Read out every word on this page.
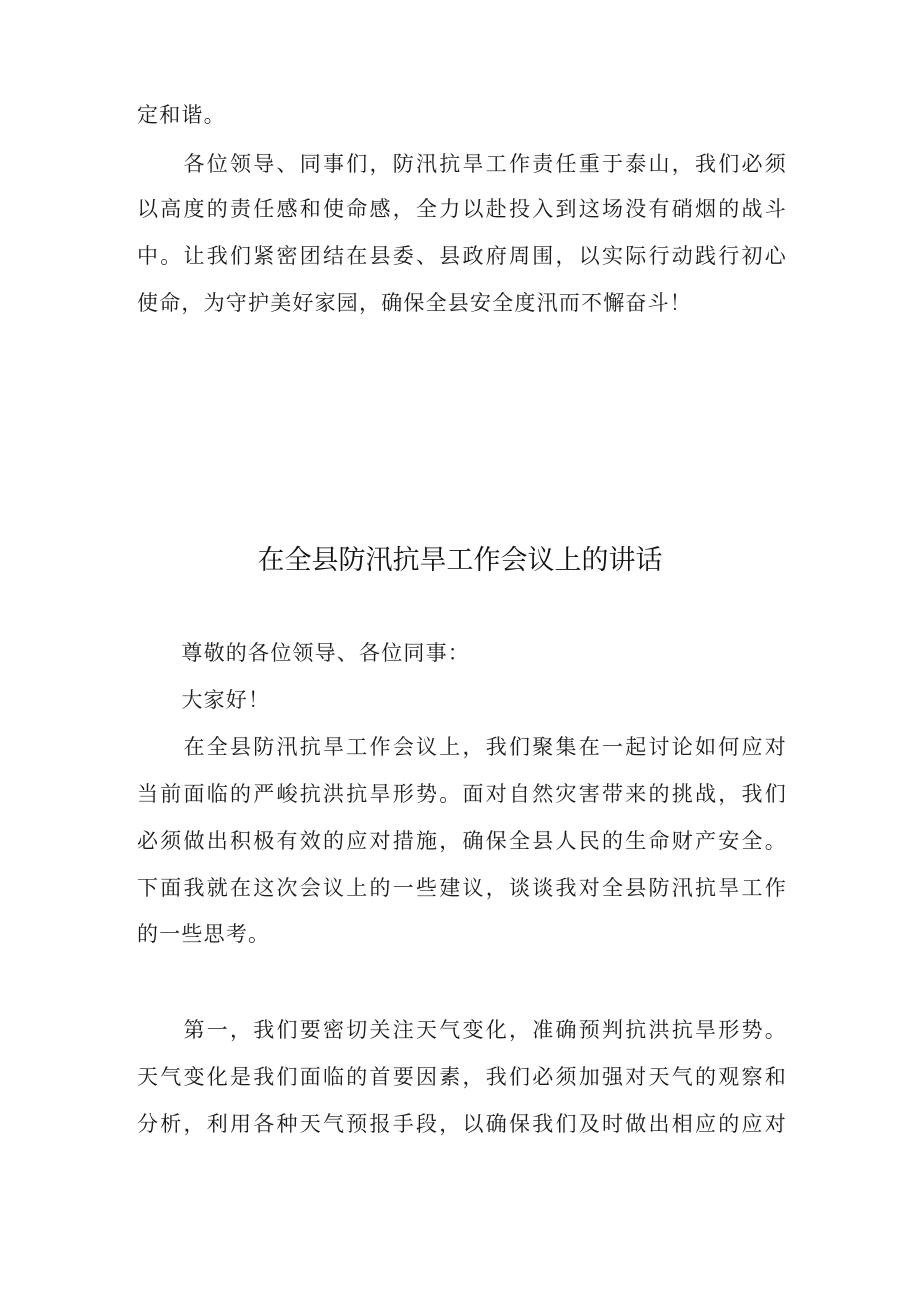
定和谐。
　　各位领导、同事们，防汛抗旱工作责任重于泰山，我们必须
以高度的责任感和使命感，全力以赴投入到这场没有硝烟的战斗
中。让我们紧密团结在县委、县政府周围，以实际行动践行初心
使命，为守护美好家园，确保全县安全度汛而不懈奋斗！
在全县防汛抗旱工作会议上的讲话
　　尊敬的各位领导、各位同事：
　　大家好！
　　在全县防汛抗旱工作会议上，我们聚集在一起讨论如何应对
当前面临的严峻抗洪抗旱形势。面对自然灾害带来的挑战，我们
必须做出积极有效的应对措施，确保全县人民的生命财产安全。
下面我就在这次会议上的一些建议，谈谈我对全县防汛抗旱工作
的一些思考。
　　第一，我们要密切关注天气变化，准确预判抗洪抗旱形势。
天气变化是我们面临的首要因素，我们必须加强对天气的观察和
分析，利用各种天气预报手段，以确保我们及时做出相应的应对
